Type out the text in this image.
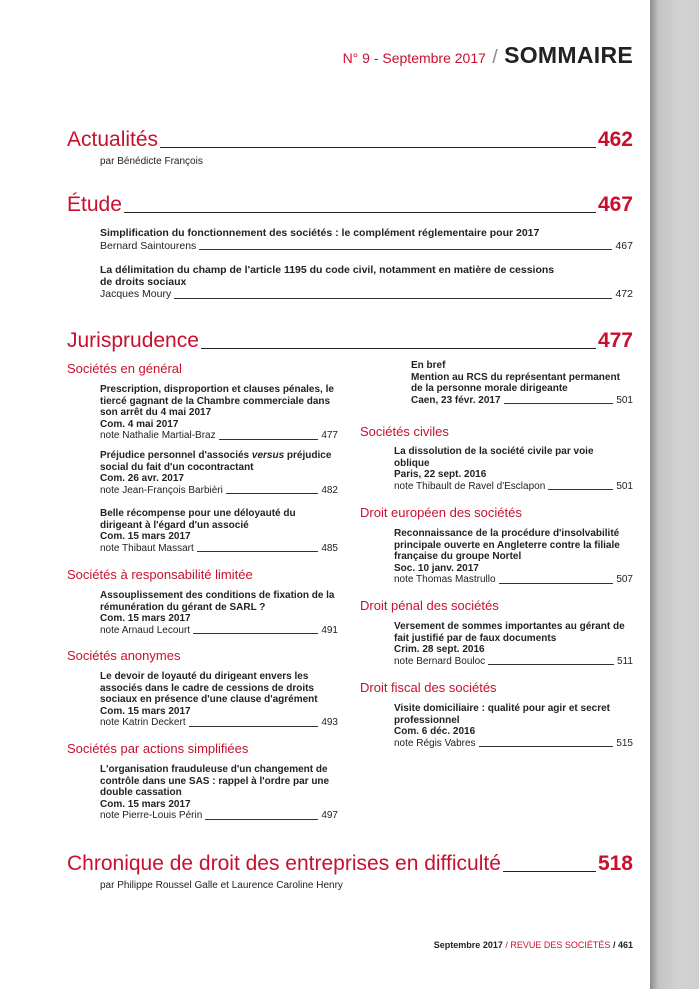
N° 9 - Septembre 2017 / SOMMAIRE
Actualités	462
par Bénédicte François
Étude	467
Simplification du fonctionnement des sociétés : le complément réglementaire pour 2017
Bernard Saintourens	467
La délimitation du champ de l'article 1195 du code civil, notamment en matière de cessions de droits sociaux
Jacques Moury	472
Jurisprudence	477
Sociétés en général
Prescription, disproportion et clauses pénales, le tiercé gagnant de la Chambre commerciale dans son arrêt du 4 mai 2017
Com. 4 mai 2017
note Nathalie Martial-Braz	477
Préjudice personnel d'associés versus préjudice social du fait d'un cocontractant
Com. 26 avr. 2017
note Jean-François Barbièri	482
Belle récompense pour une déloyauté du dirigeant à l'égard d'un associé
Com. 15 mars 2017
note Thibaut Massart	485
Sociétés à responsabilité limitée
Assouplissement des conditions de fixation de la rémunération du gérant de SARL ?
Com. 15 mars 2017
note Arnaud Lecourt	491
Sociétés anonymes
Le devoir de loyauté du dirigeant envers les associés dans le cadre de cessions de droits sociaux en présence d'une clause d'agrément
Com. 15 mars 2017
note Katrin Deckert	493
Sociétés par actions simplifiées
L'organisation frauduleuse d'un changement de contrôle dans une SAS : rappel à l'ordre par une double cassation
Com. 15 mars 2017
note Pierre-Louis Périn	497
En bref
Mention au RCS du représentant permanent de la personne morale dirigeante
Caen, 23 févr. 2017	501
Sociétés civiles
La dissolution de la société civile par voie oblique
Paris, 22 sept. 2016
note Thibault de Ravel d'Esclapon	501
Droit européen des sociétés
Reconnaissance de la procédure d'insolvabilité principale ouverte en Angleterre contre la filiale française du groupe Nortel
Soc. 10 janv. 2017
note Thomas Mastrullo	507
Droit pénal des sociétés
Versement de sommes importantes au gérant de fait justifié par de faux documents
Crim. 28 sept. 2016
note Bernard Bouloc	511
Droit fiscal des sociétés
Visite domiciliaire : qualité pour agir et secret professionnel
Com. 6 déc. 2016
note Régis Vabres	515
Chronique de droit des entreprises en difficulté	518
par Philippe Roussel Galle et Laurence Caroline Henry
Septembre 2017 / REVUE DES SOCIÉTÉS / 461
